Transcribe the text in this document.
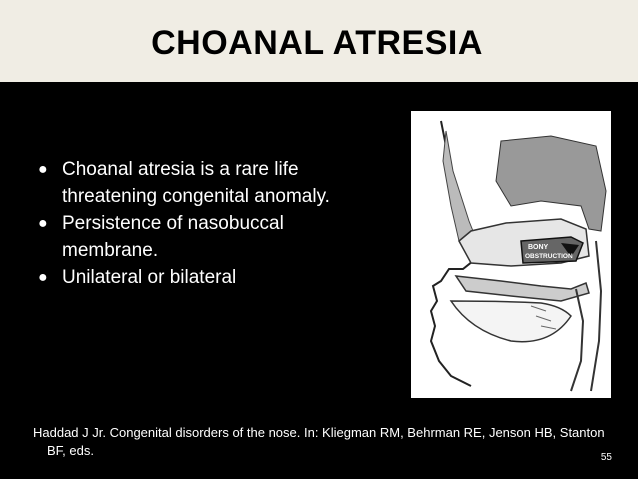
CHOANAL ATRESIA
● Choanal atresia is a rare life threatening congenital anomaly.
● Persistence of nasobuccal membrane.
● Unilateral or bilateral
BONY
OBSTRUCTION
Haddad J Jr. Congenital disorders of the nose. In: Kliegman RM, Behrman RE, Jenson HB, Stanton BF, eds.	55
